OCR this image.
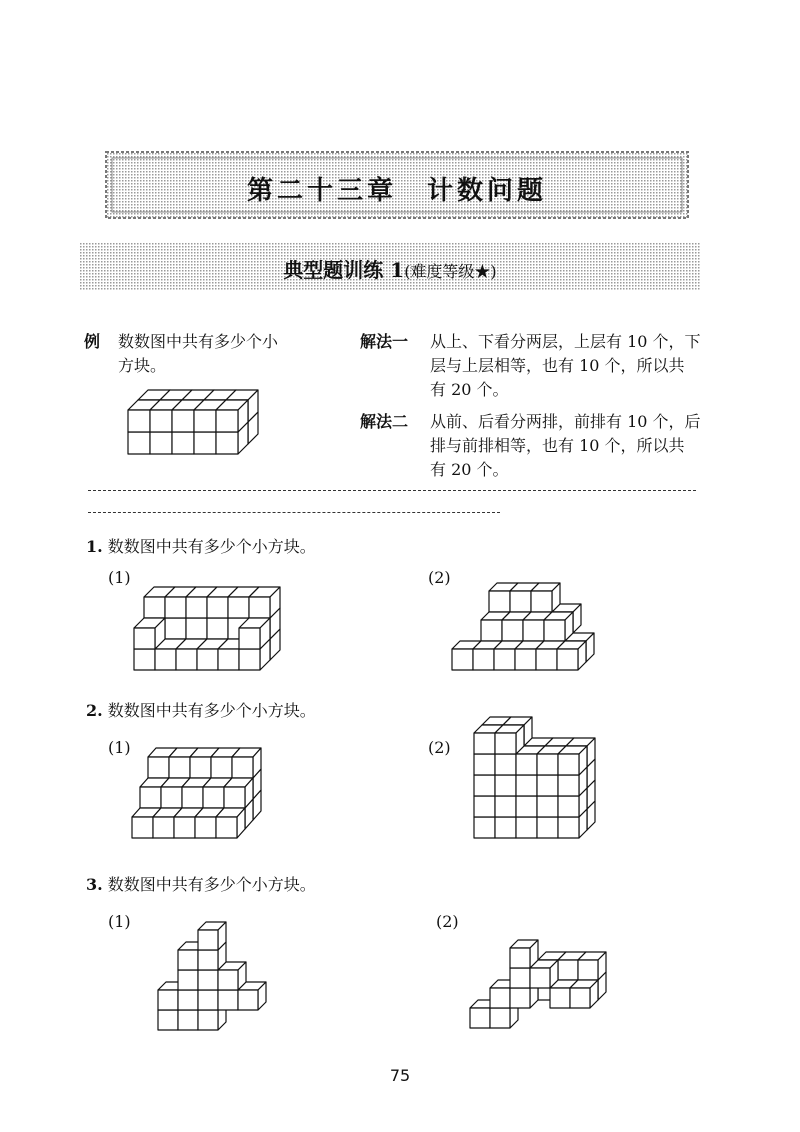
第二十三章　计数问题
典型题训练 1(难度等级★)
例 数数图中共有多少个小
方块。
解法一 从上、下看分两层，上层有 10 个，下
层与上层相等，也有 10 个，所以共
有 20 个。
解法二 从前、后看分两排，前排有 10 个，后
排与前排相等，也有 10 个，所以共
有 20 个。
1. 数数图中共有多少个小方块。
(1)	(2)
2. 数数图中共有多少个小方块。
(1)	(2)
3. 数数图中共有多少个小方块。
(1)	(2)
75
